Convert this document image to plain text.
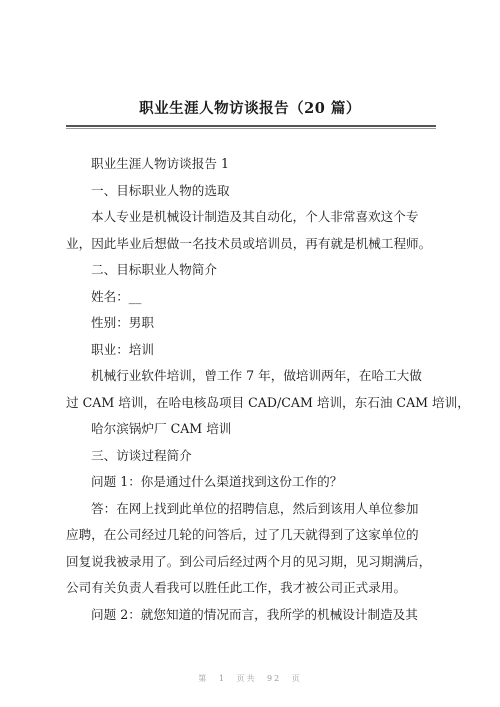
职业生涯人物访谈报告（20 篇）
职业生涯人物访谈报告 1
一、目标职业人物的选取
本人专业是机械设计制造及其自动化，个人非常喜欢这个专
业，因此毕业后想做一名技术员或培训员，再有就是机械工程师。
二、目标职业人物简介
姓名：__
性别：男职
职业：培训
机械行业软件培训，曾工作 7 年，做培训两年，在哈工大做
过 CAM 培训，在哈电核岛项目 CAD/CAM 培训，东石油 CAM 培训，
哈尔滨锅炉厂 CAM 培训
三、访谈过程简介
问题 1：你是通过什么渠道找到这份工作的？
答：在网上找到此单位的招聘信息，然后到该用人单位参加
应聘，在公司经过几轮的问答后，过了几天就得到了这家单位的
回复说我被录用了。到公司后经过两个月的见习期，见习期满后，
公司有关负责人看我可以胜任此工作，我才被公司正式录用。
问题 2：就您知道的情况而言，我所学的机械设计制造及其
第 1 页共 92 页
